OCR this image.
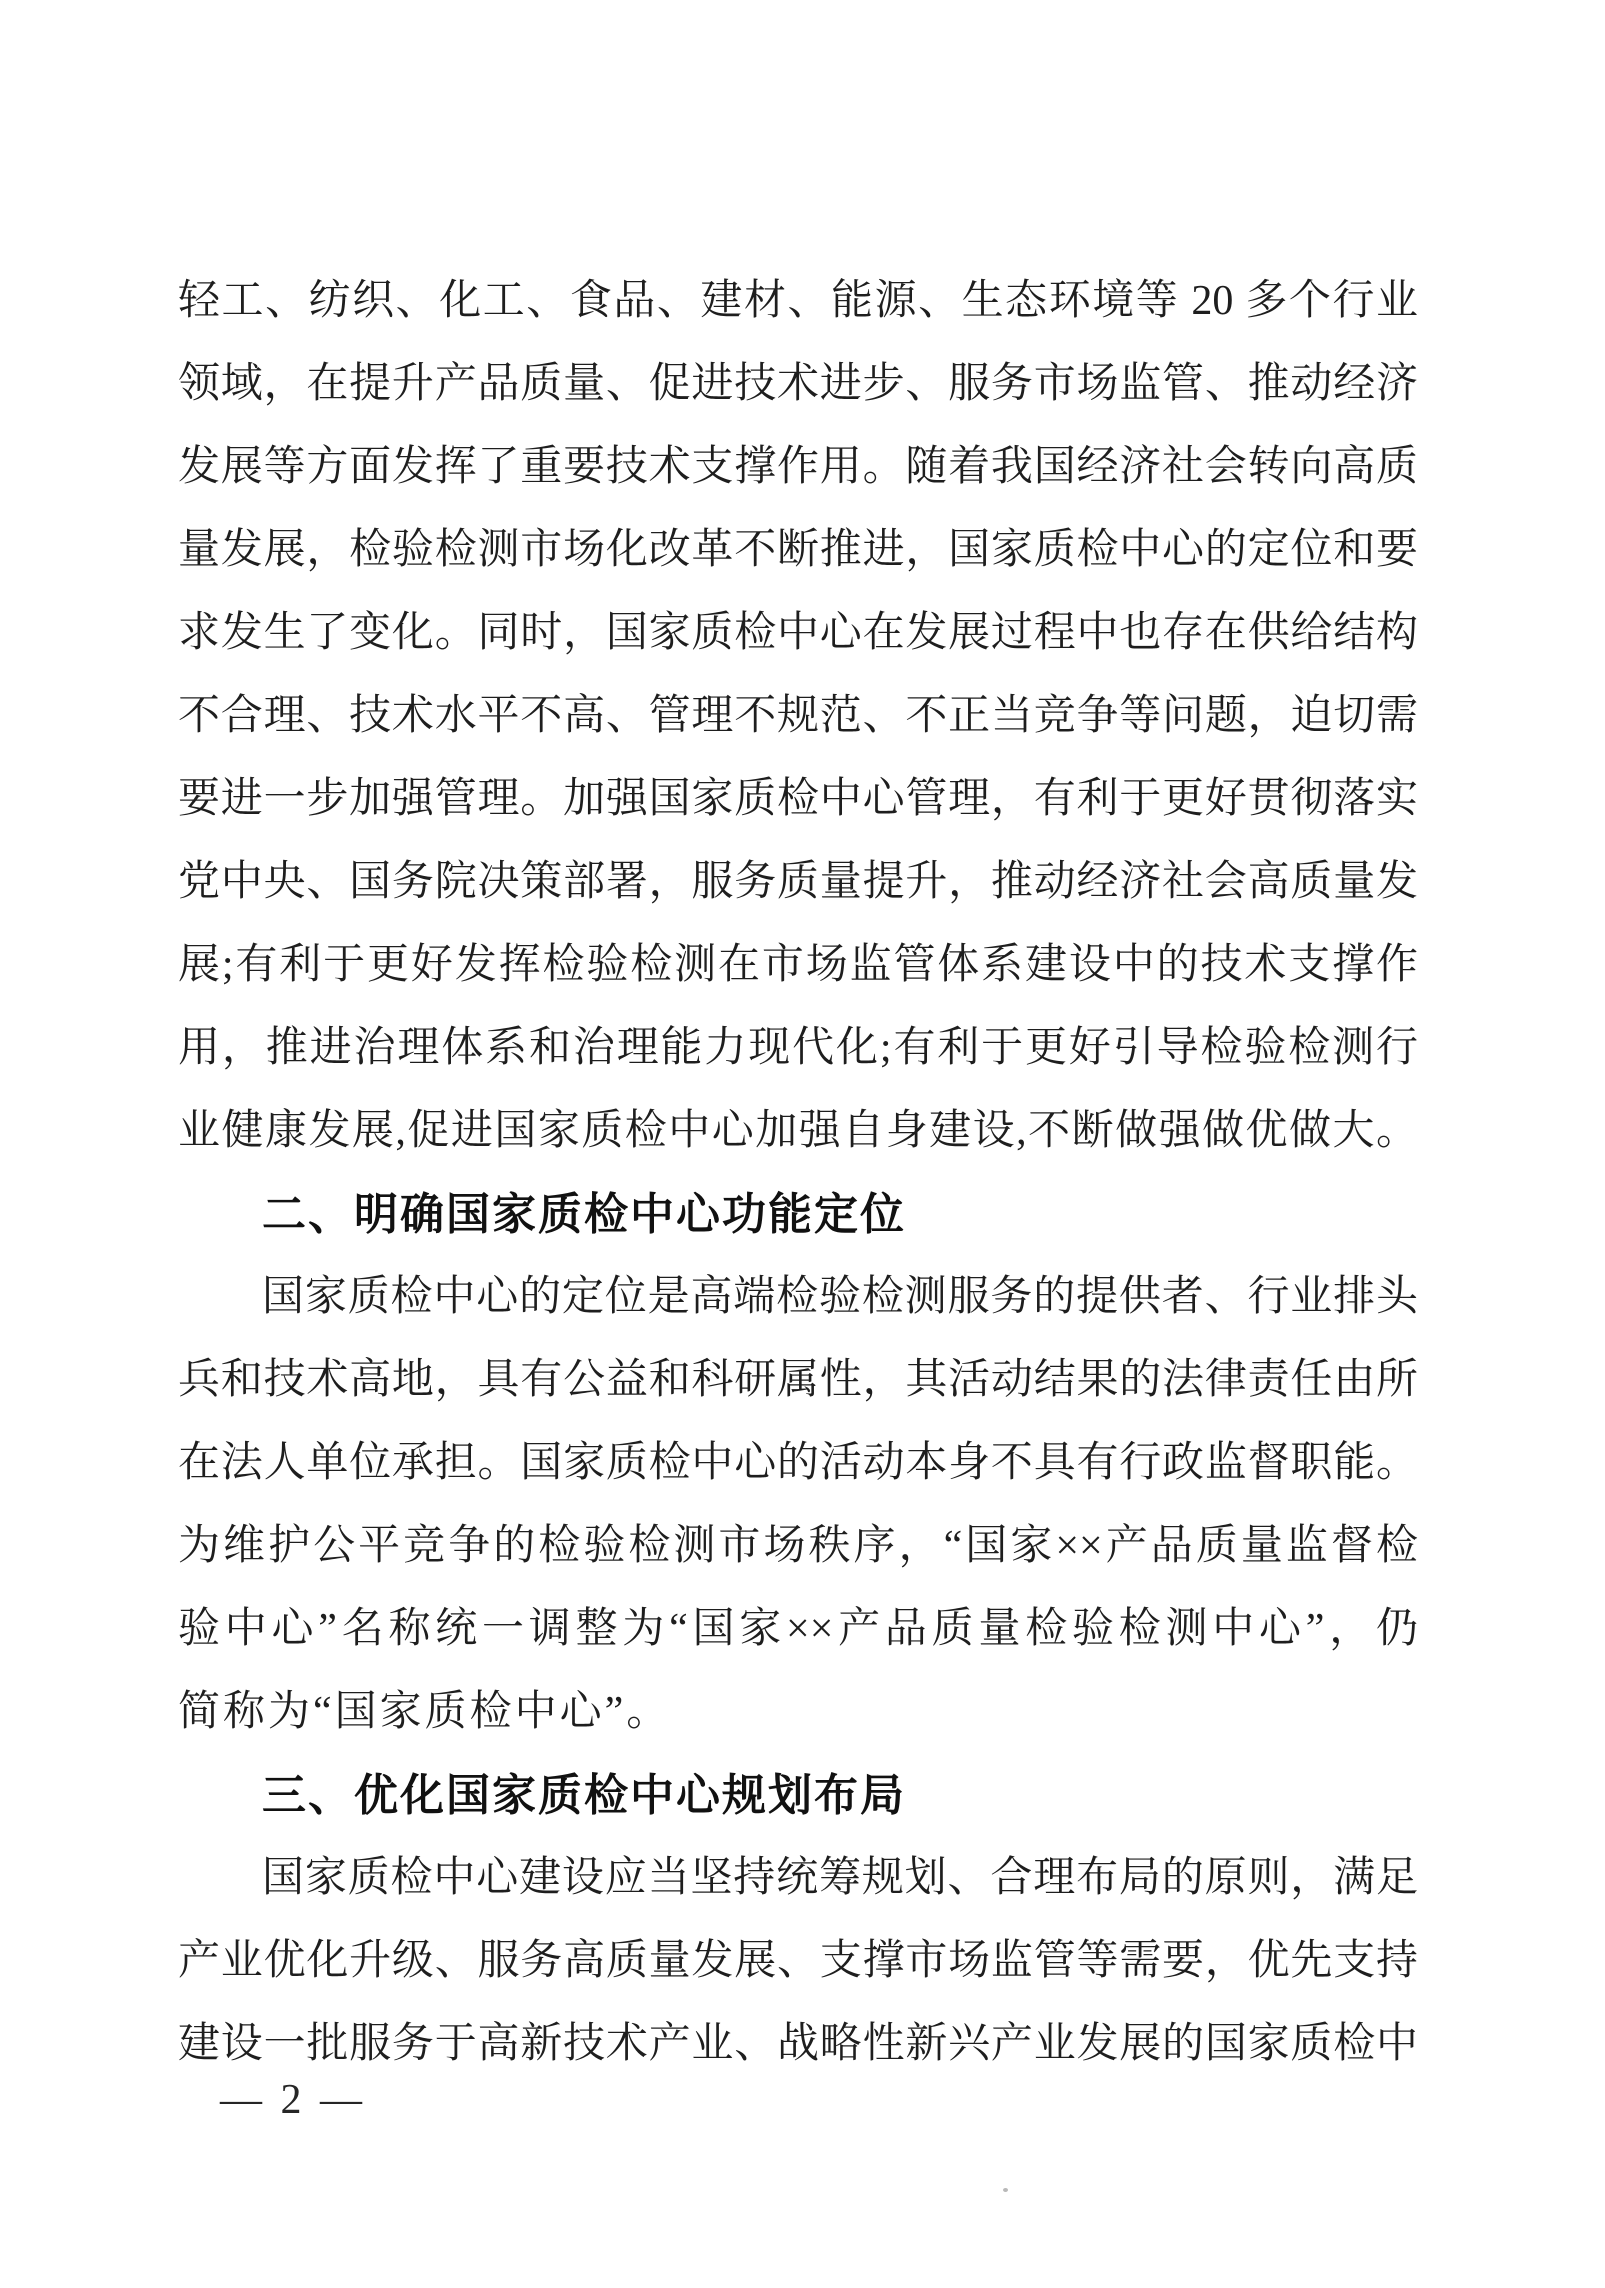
轻工、纺织、化工、食品、建材、能源、生态环境等 20 多个行业
领域，在提升产品质量、促进技术进步、服务市场监管、推动经济
发展等方面发挥了重要技术支撑作用。随着我国经济社会转向高质
量发展，检验检测市场化改革不断推进，国家质检中心的定位和要
求发生了变化。同时，国家质检中心在发展过程中也存在供给结构
不合理、技术水平不高、管理不规范、不正当竞争等问题，迫切需
要进一步加强管理。加强国家质检中心管理，有利于更好贯彻落实
党中央、国务院决策部署，服务质量提升，推动经济社会高质量发
展;有利于更好发挥检验检测在市场监管体系建设中的技术支撑作
用，推进治理体系和治理能力现代化;有利于更好引导检验检测行
业健康发展,促进国家质检中心加强自身建设,不断做强做优做大。
二、明确国家质检中心功能定位
国家质检中心的定位是高端检验检测服务的提供者、行业排头
兵和技术高地，具有公益和科研属性，其活动结果的法律责任由所
在法人单位承担。国家质检中心的活动本身不具有行政监督职能。
为维护公平竞争的检验检测市场秩序，“国家××产品质量监督检
验中心”名称统一调整为“国家××产品质量检验检测中心”，仍
简称为“国家质检中心”。
三、优化国家质检中心规划布局
国家质检中心建设应当坚持统筹规划、合理布局的原则，满足
产业优化升级、服务高质量发展、支撑市场监管等需要，优先支持
建设一批服务于高新技术产业、战略性新兴产业发展的国家质检中
— 2 —
